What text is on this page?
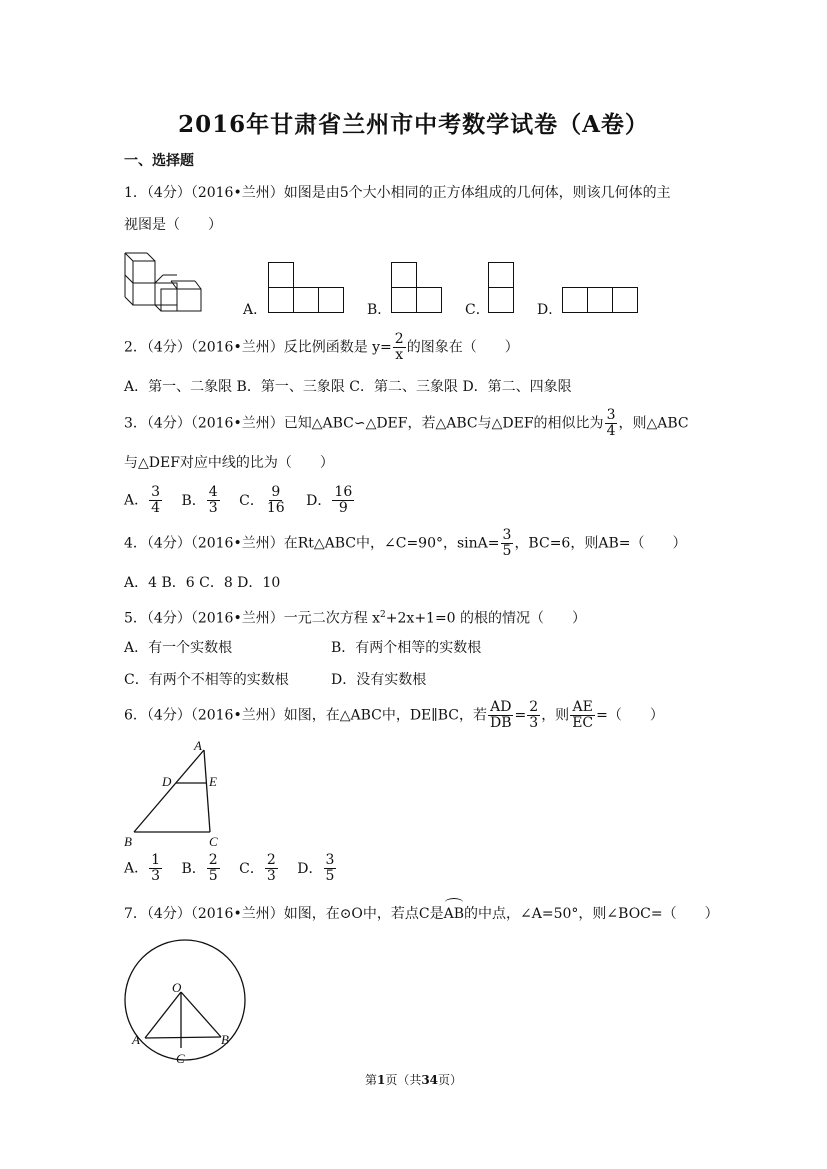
2016年甘肃省兰州市中考数学试卷（A卷）
一、选择题
1．（4分）（2016•兰州）如图是由5个大小相同的正方体组成的几何体，则该几何体的主
视图是（　　）
A．	B．	C．	D．
2．（4分）（2016•兰州）反比例函数是 $y= \frac{2}{x}$ 的图象在（　　）
A．第一、二象限 B．第一、三象限 C．第二、三象限 D．第二、四象限
3．（4分）（2016•兰州）已知△ABC∽△DEF，若△ABC与△DEF的相似比为 $\frac{3}{4}$ ，则△ABC
与△DEF对应中线的比为（　　）
A． $\frac{3}{4}$ B． $\frac{4}{3}$ C． $\frac{9}{16}$ D． $\frac{16}{9}$
4．（4分）（2016•兰州）在Rt△ABC中，∠C=90°，$\sin A= \frac{3}{5}$ ，BC=6，则AB=（　　）
A．4 B．6 C．8 D．10
5．（4分）（2016•兰州）一元二次方程 $x^2+2x+1=0$ 的根的情况（　　）
A．有一个实数根	B．有两个相等的实数根
C．有两个不相等的实数根	D．没有实数根
6．（4分）（2016•兰州）如图，在△ABC中，DE∥BC，若 $\frac{AD}{DB} = \frac{2}{3}$ ，则 $\frac{AE}{EC}$ =（　　）
A
D	E
B	C
A． $\frac{1}{3}$ B． $\frac{2}{5}$ C． $\frac{2}{3}$ D． $\frac{3}{5}$
7．（4分）（2016•兰州）如图，在⊙O中，若点C是AB的中点，∠A=50°，则∠BOC=（　　）
O
A	B
C
第1页（共34页）
